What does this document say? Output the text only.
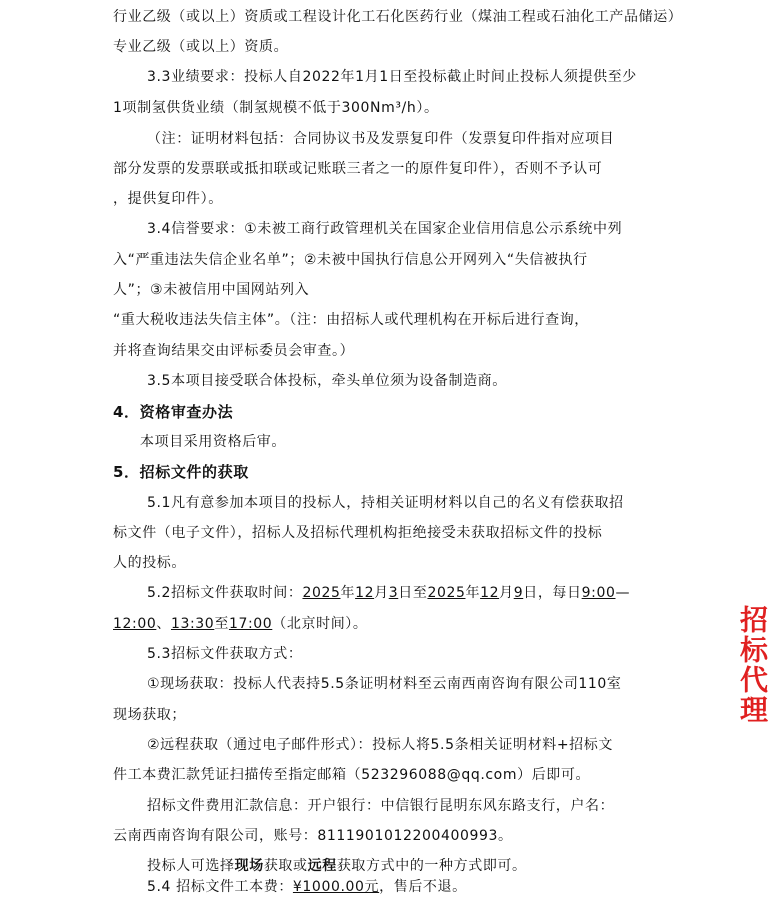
行业乙级（或以上）资质或工程设计化工石化医药行业（煤油工程或石油化工产品储运）
专业乙级（或以上）资质。
3.3业绩要求：投标人自2022年1月1日至投标截止时间止投标人须提供至少
1项制氢供货业绩（制氢规模不低于300Nm³/h）。
（注：证明材料包括：合同协议书及发票复印件（发票复印件指对应项目
部分发票的发票联或抵扣联或记账联三者之一的原件复印件），否则不予认可
，提供复印件）。
3.4信誉要求：①未被工商行政管理机关在国家企业信用信息公示系统中列
入“严重违法失信企业名单”；②未被中国执行信息公开网列入“失信被执行
人”；③未被信用中国网站列入
“重大税收违法失信主体”。（注：由招标人或代理机构在开标后进行查询，
并将查询结果交由评标委员会审查。）
3.5本项目接受联合体投标，牵头单位须为设备制造商。
4．资格审查办法
本项目采用资格后审。
5．招标文件的获取
5.1凡有意参加本项目的投标人，持相关证明材料以自己的名义有偿获取招
标文件（电子文件），招标人及招标代理机构拒绝接受未获取招标文件的投标
人的投标。
5.2招标文件获取时间：2025年12月3日至2025年12月9日，每日9:00—
12:00、13:30至17:00（北京时间）。
5.3招标文件获取方式：
①现场获取：投标人代表持5.5条证明材料至云南西南咨询有限公司110室
现场获取；
②远程获取（通过电子邮件形式）：投标人将5.5条相关证明材料+招标文
件工本费汇款凭证扫描传至指定邮箱（523296088@qq.com）后即可。
招标文件费用汇款信息：开户银行：中信银行昆明东风东路支行，户名：
云南西南咨询有限公司，账号：8111901012200400993。
投标人可选择现场获取或远程获取方式中的一种方式即可。
5.4 招标文件工本费：¥1000.00元，售后不退。
招标代理
